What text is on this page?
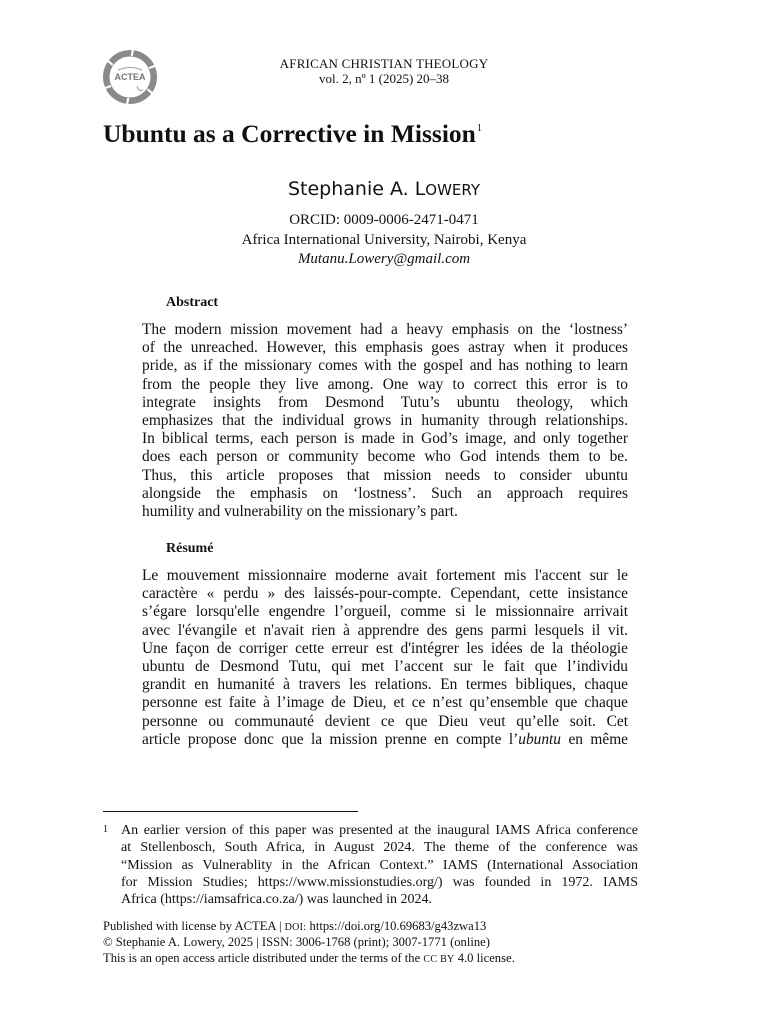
ACTEA
AFRICAN CHRISTIAN THEOLOGY
vol. 2, nº 1 (2025) 20–38
Ubuntu as a Corrective in Mission$^1$
Stephanie A. LOWERY
ORCID: 0009-0006-2471-0471
Africa International University, Nairobi, Kenya
Mutanu.Lowery@gmail.com
Abstract
The modern mission movement had a heavy emphasis on the ‘lostness’
of the unreached. However, this emphasis goes astray when it produces
pride, as if the missionary comes with the gospel and has nothing to learn
from the people they live among. One way to correct this error is to
integrate insights from Desmond Tutu’s ubuntu theology, which
emphasizes that the individual grows in humanity through relationships.
In biblical terms, each person is made in God’s image, and only together
does each person or community become who God intends them to be.
Thus, this article proposes that mission needs to consider ubuntu
alongside the emphasis on ‘lostness’. Such an approach requires
humility and vulnerability on the missionary’s part.
Résumé
Le mouvement missionnaire moderne avait fortement mis l'accent sur le
caractère « perdu » des laissés-pour-compte. Cependant, cette insistance
s’égare lorsqu'elle engendre l’orgueil, comme si le missionnaire arrivait
avec l'évangile et n'avait rien à apprendre des gens parmi lesquels il vit.
Une façon de corriger cette erreur est d'intégrer les idées de la théologie
ubuntu de Desmond Tutu, qui met l’accent sur le fait que l’individu
grandit en humanité à travers les relations. En termes bibliques, chaque
personne est faite à l’image de Dieu, et ce n’est qu’ensemble que chaque
personne ou communauté devient ce que Dieu veut qu’elle soit. Cet
article propose donc que la mission prenne en compte l’ubuntu en même
1 An earlier version of this paper was presented at the inaugural IAMS Africa conference
at Stellenbosch, South Africa, in August 2024. The theme of the conference was
“Mission as Vulnerablity in the African Context.” IAMS (International Association
for Mission Studies; https://www.missionstudies.org/) was founded in 1972. IAMS
Africa (https://iamsafrica.co.za/) was launched in 2024.
Published with license by ACTEA | DOI: https://doi.org/10.69683/g43zwa13
© Stephanie A. Lowery, 2025 | ISSN: 3006-1768 (print); 3007-1771 (online)
This is an open access article distributed under the terms of the CC BY 4.0 license.
